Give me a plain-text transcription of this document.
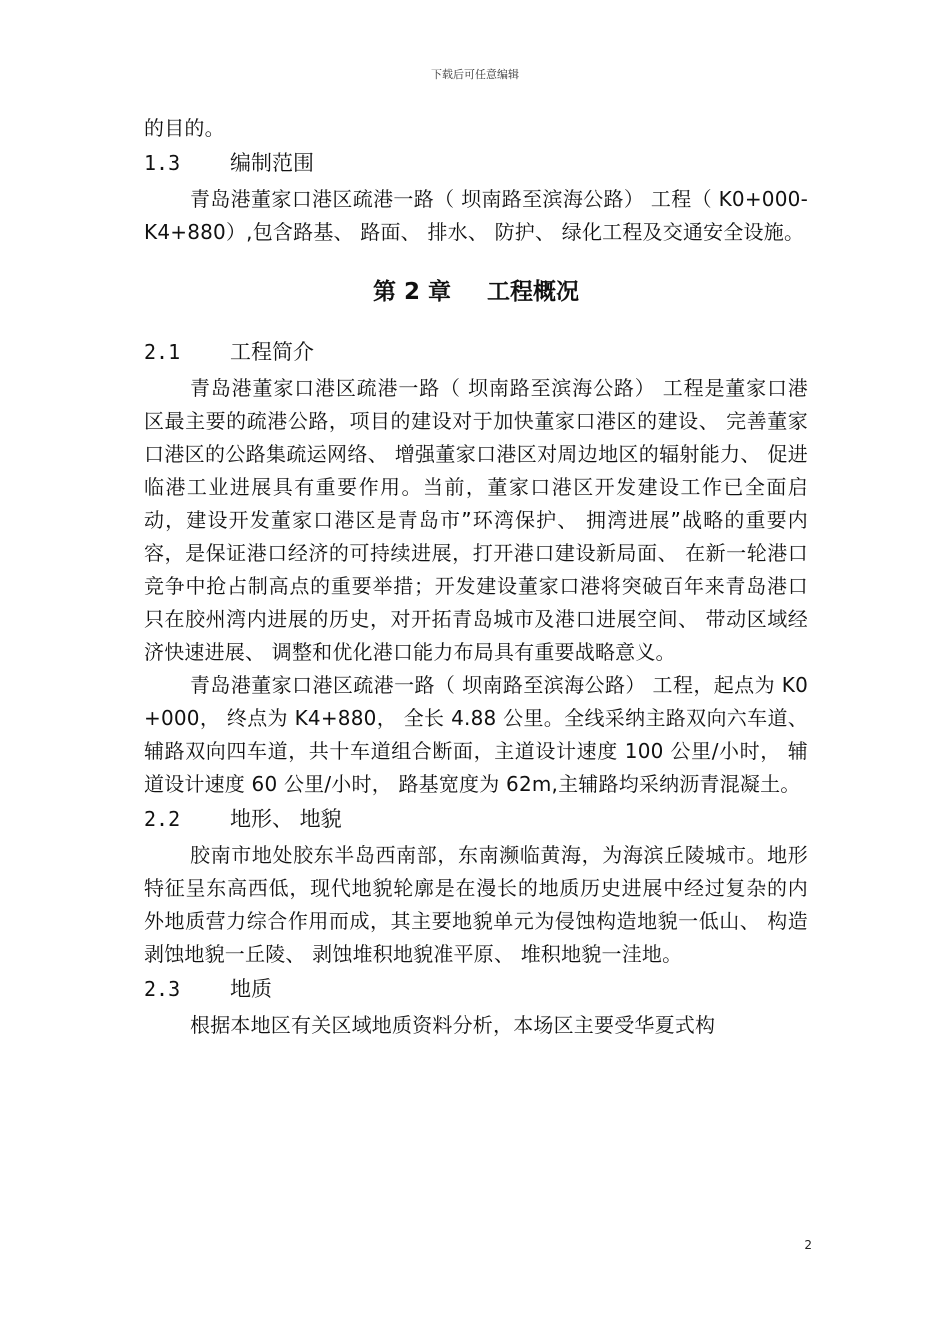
下载后可任意编辑

的目的。

1.3 编制范围

青岛港董家口港区疏港一路（ 坝南路至滨海公路） 工程（ K0+000-K4+880）,包含路基、 路面、 排水、 防护、 绿化工程及交通安全设施。

第 2 章 工程概况
2.1 工程简介

青岛港董家口港区疏港一路（ 坝南路至滨海公路） 工程是董家口港区最主要的疏港公路，项目的建设对于加快董家口港区的建设、 完善董家口港区的公路集疏运网络、 增强董家口港区对周边地区的辐射能力、 促进临港工业进展具有重要作用。当前，董家口港区开发建设工作已全面启动，建设开发董家口港区是青岛市”环湾保护、 拥湾进展”战略的重要内容，是保证港口经济的可持续进展，打开港口建设新局面、 在新一轮港口竞争中抢占制高点的重要举措；开发建设董家口港将突破百年来青岛港口只在胶州湾内进展的历史，对开拓青岛城市及港口进展空间、 带动区域经济快速进展、 调整和优化港口能力布局具有重要战略意义。

青岛港董家口港区疏港一路（ 坝南路至滨海公路） 工程，起点为 K0+000， 终点为 K4+880， 全长 4.88 公里。全线采纳主路双向六车道、 辅路双向四车道，共十车道组合断面，主道设计速度 100 公里/小时， 辅道设计速度 60 公里/小时， 路基宽度为 62m,主辅路均采纳沥青混凝土。

2.2 地形、 地貌

胶南市地处胶东半岛西南部，东南濒临黄海，为海滨丘陵城市。地形特征呈东高西低，现代地貌轮廓是在漫长的地质历史进展中经过复杂的内外地质营力综合作用而成，其主要地貌单元为侵蚀构造地貌一低山、 构造剥蚀地貌一丘陵、 剥蚀堆积地貌准平原、 堆积地貌一洼地。

2.3 地质

根据本地区有关区域地质资料分析，本场区主要受华夏式构

2
